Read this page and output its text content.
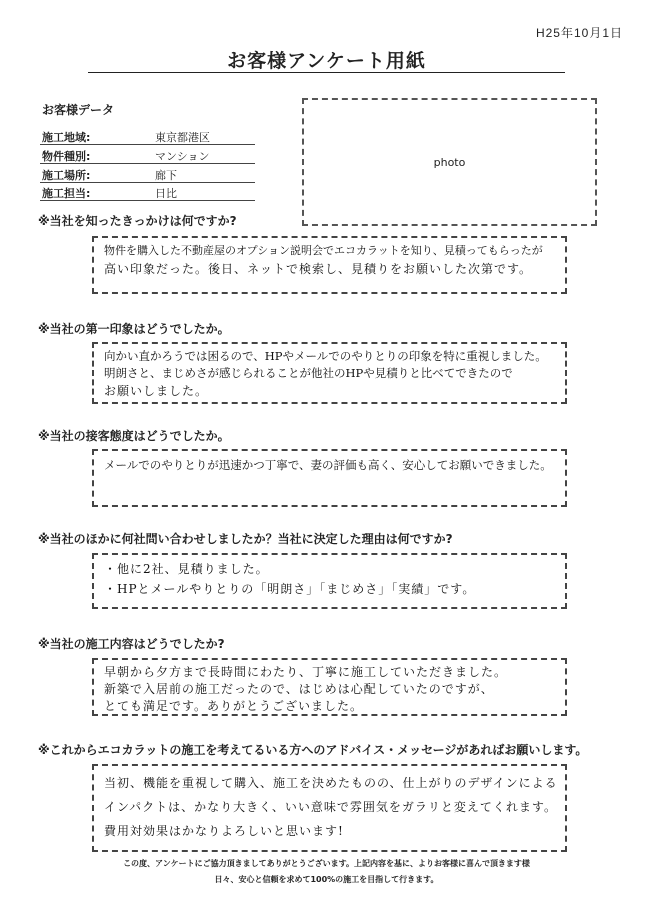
H25年10月1日
お客様アンケート用紙
お客様データ
施工地域:	東京都港区
物件種別:	マンション
施工場所:	廊下
施工担当:	日比
photo
※当社を知ったきっかけは何ですか?
物件を購入した不動産屋のオプション説明会でエコカラットを知り、見積ってもらったが
高い印象だった。後日、ネットで検索し、見積りをお願いした次第です。
※当社の第一印象はどうでしたか。
向かい直かろうでは困るので、HPやメールでのやりとりの印象を特に重視しました。
明朗さと、まじめさが感じられることが他社のHPや見積りと比べてできたので
お願いしました。
※当社の接客態度はどうでしたか。
メールでのやりとりが迅速かつ丁寧で、妻の評価も高く、安心してお願いできました。
※当社のほかに何社問い合わせしましたか？当社に決定した理由は何ですか?
・他に2社、見積りました。
・HPとメールやりとりの「明朗さ」「まじめさ」「実績」です。
※当社の施工内容はどうでしたか?
早朝から夕方まで長時間にわたり、丁寧に施工していただきました。
新築で入居前の施工だったので、はじめは心配していたのですが、
とても満足です。ありがとうございました。
※これからエコカラットの施工を考えてるいる方へのアドバイス・メッセージがあればお願いします。
当初、機能を重視して購入、施工を決めたものの、仕上がりのデザインによる
インパクトは、かなり大きく、いい意味で雰囲気をガラリと変えてくれます。
費用対効果はかなりよろしいと思います!
この度、アンケートにご協力頂きましてありがとうございます。上記内容を基に、よりお客様に喜んで頂きます様
日々、安心と信頼を求めて100%の施工を目指して行きます。
